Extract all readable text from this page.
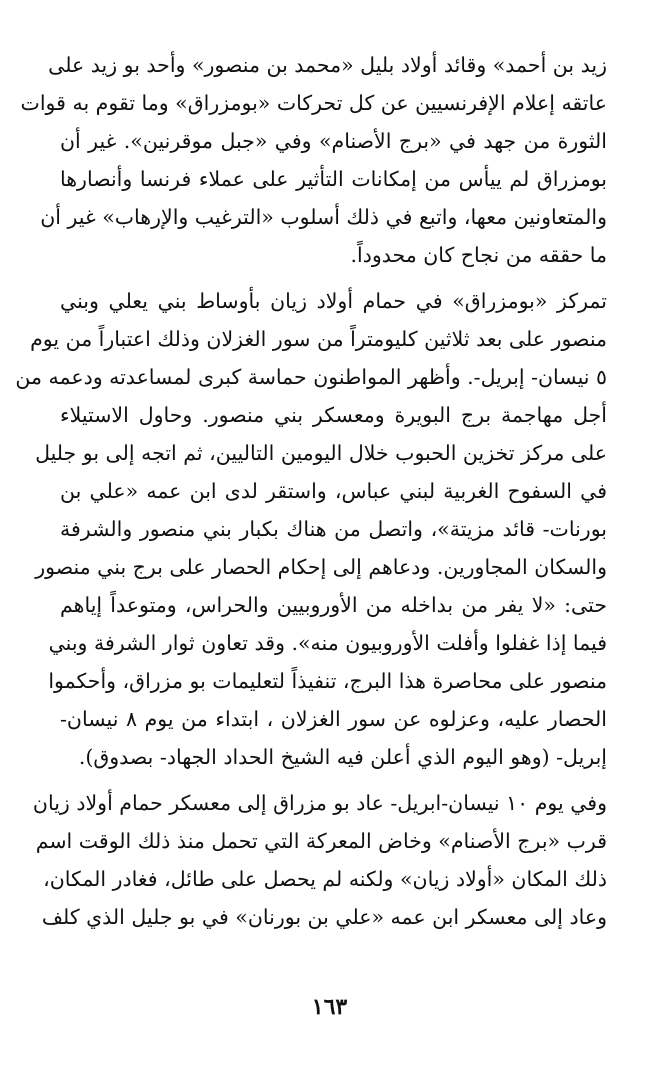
زيد بن أحمد» وقائد أولاد بليل «محمد بن منصور» وأحد بو زيد على
عاتقه إعلام الإفرنسيين عن كل تحركات «بومزراق» وما تقوم به قوات
الثورة من جهد في «برج الأصنام» وفي «جبل موقرنين». غير أن
بومزراق لم ييأس من إمكانات التأثير على عملاء فرنسا وأنصارها
والمتعاونين معها، واتبع في ذلك أسلوب «الترغيب والإرهاب» غير أن
ما حققه من نجاح كان محدوداً.

تمركز «بومزراق» في حمام أولاد زيان بأوساط بني يعلي وبني
منصور على بعد ثلاثين كليومتراً من سور الغزلان وذلك اعتباراً من يوم
٥ نيسان- إبريل-. وأظهر المواطنون حماسة كبرى لمساعدته ودعمه من
أجل مهاجمة برج البويرة ومعسكر بني منصور. وحاول الاستيلاء
على مركز تخزين الحبوب خلال اليومين التاليين، ثم اتجه إلى بو جليل
في السفوح الغربية لبني عباس، واستقر لدى ابن عمه «علي بن
بورنات- قائد مزيتة»، واتصل من هناك بكبار بني منصور والشرفة
والسكان المجاورين. ودعاهم إلى إحكام الحصار على برج بني منصور
حتى: «لا يفر من بداخله من الأوروبيين والحراس، ومتوعداً إياهم
فيما إذا غفلوا وأفلت الأوروبيون منه». وقد تعاون ثوار الشرفة وبني
منصور على محاصرة هذا البرج، تنفيذاً لتعليمات بو مزراق، وأحكموا
الحصار عليه، وعزلوه عن سور الغزلان ، ابتداء من يوم ٨ نيسان-
إبريل- (وهو اليوم الذي أعلن فيه الشيخ الحداد الجهاد- بصدوق).

وفي يوم ١٠ نيسان-ابريل- عاد بو مزراق إلى معسكر حمام أولاد زيان
قرب «برج الأصنام» وخاض المعركة التي تحمل منذ ذلك الوقت اسم
ذلك المكان «أولاد زيان» ولكنه لم يحصل على طائل، فغادر المكان،
وعاد إلى معسكر ابن عمه «علي بن بورنان» في بو جليل الذي كلف

١٦٣
